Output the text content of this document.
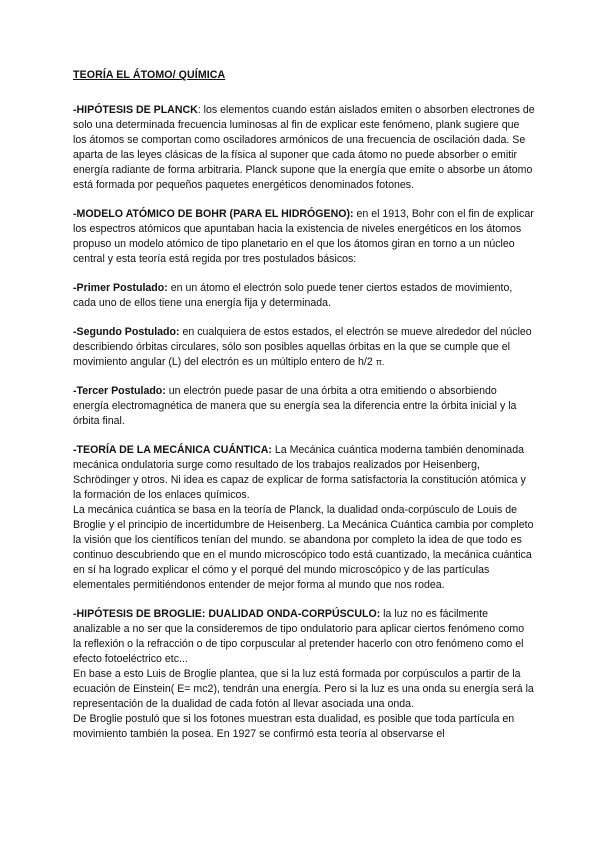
TEORÍA EL ÁTOMO/ QUÍMICA

-HIPÓTESIS DE PLANCK: los elementos cuando están aislados emiten o absorben electrones de solo una determinada frecuencia luminosas al fin de explicar este fenómeno, plank sugiere que los átomos se comportan como osciladores armónicos de una frecuencia de oscilación dada. Se aparta de las leyes clásicas de la física al suponer que cada átomo no puede absorber o emitir energía radiante de forma arbitraria. Planck supone que la energía que emite o absorbe un átomo está formada por pequeños paquetes energéticos denominados fotones.

-MODELO ATÓMICO DE BOHR (PARA EL HIDRÓGENO): en el 1913, Bohr con el fin de explicar los espectros atómicos que apuntaban hacia la existencia de niveles energéticos en los átomos propuso un modelo atómico de tipo planetario en el que los átomos giran en torno a un núcleo central y esta teoría está regida por tres postulados básicos:

-Primer Postulado: en un átomo el electrón solo puede tener ciertos estados de movimiento, cada uno de ellos tiene una energía fija y determinada.

-Segundo Postulado: en cualquiera de estos estados, el electrón se mueve alrededor del núcleo describiendo órbitas circulares, sólo son posibles aquellas órbitas en la que se cumple que el movimiento angular (L) del electrón es un múltiplo entero de h/2 π.

-Tercer Postulado: un electrón puede pasar de una órbita a otra emitiendo o absorbiendo energía electromagnética de manera que su energía sea la diferencia entre la órbita inicial y la órbita final.

-TEORÍA DE LA MECÁNICA CUÁNTICA: La Mecánica cuántica moderna también denominada mecánica ondulatoria surge como resultado de los trabajos realizados por Heisenberg, Schrödinger y otros. Ni idea es capaz de explicar de forma satisfactoria la constitución atómica y la formación de los enlaces químicos.

La mecánica cuántica se basa en la teoría de Planck, la dualidad onda-corpúsculo de Louis de Broglie y el principio de incertidumbre de Heisenberg. La Mecánica Cuántica cambia por completo la visión que los científicos tenían del mundo. se abandona por completo la idea de que todo es continuo descubriendo que en el mundo microscópico todo está cuantizado, la mecánica cuántica en sí ha logrado explicar el cómo y el porqué del mundo microscópico y de las partículas elementales permitiéndonos entender de mejor forma al mundo que nos rodea.

-HIPÓTESIS DE BROGLIE: DUALIDAD ONDA-CORPÚSCULO: la luz no es fácilmente analizable a no ser que la consideremos de tipo ondulatorio para aplicar ciertos fenómeno como la reflexión o la refracción o de tipo corpuscular al pretender hacerlo con otro fenómeno como el efecto fotoeléctrico etc...

En base a esto Luis de Broglie plantea, que si la luz está formada por corpúsculos a partir de la ecuación de Einstein( E= mc2), tendrán una energía. Pero si la luz es una onda su energía será la representación de la dualidad de cada fotón al llevar asociada una onda.

De Broglie postuló que si los fotones muestran esta dualidad, es posible que toda partícula en movimiento también la posea. En 1927 se confirmó esta teoría al observarse el
